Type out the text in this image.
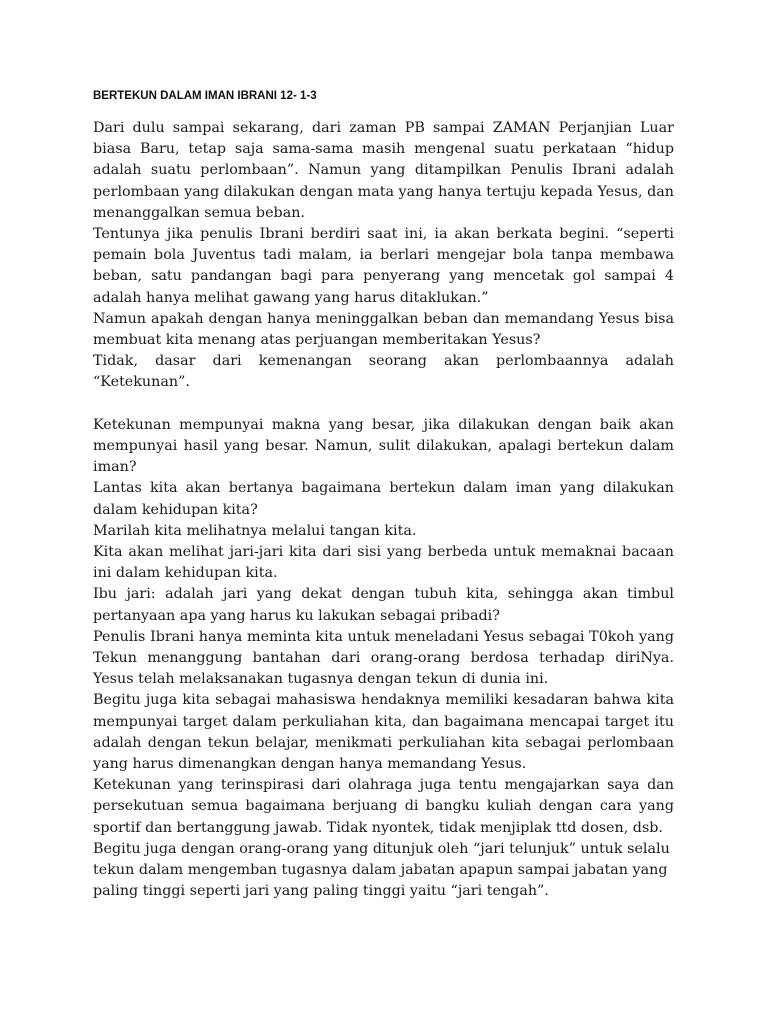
BERTEKUN DALAM IMAN IBRANI 12- 1-3

Dari dulu sampai sekarang, dari zaman PB sampai ZAMAN Perjanjian Luar biasa Baru, tetap saja sama-sama masih mengenal suatu perkataan “hidup adalah suatu perlombaan”. Namun yang ditampilkan Penulis Ibrani adalah perlombaan yang dilakukan dengan mata yang hanya tertuju kepada Yesus, dan menanggalkan semua beban.

Tentunya jika penulis Ibrani berdiri saat ini, ia akan berkata begini. “seperti pemain bola Juventus tadi malam, ia berlari mengejar bola tanpa membawa beban, satu pandangan bagi para penyerang yang mencetak gol sampai 4 adalah hanya melihat gawang yang harus ditaklukan.”

Namun apakah dengan hanya meninggalkan beban dan memandang Yesus bisa membuat kita menang atas perjuangan memberitakan Yesus?

Tidak, dasar dari kemenangan seorang akan perlombaannya adalah “Ketekunan”.

Ketekunan mempunyai makna yang besar, jika dilakukan dengan baik akan mempunyai hasil yang besar. Namun, sulit dilakukan, apalagi bertekun dalam iman?

Lantas kita akan bertanya bagaimana bertekun dalam iman yang dilakukan dalam kehidupan kita?

Marilah kita melihatnya melalui tangan kita.

Kita akan melihat jari-jari kita dari sisi yang berbeda untuk memaknai bacaan ini dalam kehidupan kita.

Ibu jari: adalah jari yang dekat dengan tubuh kita, sehingga akan timbul pertanyaan apa yang harus ku lakukan sebagai pribadi?

Penulis Ibrani hanya meminta kita untuk meneladani Yesus sebagai T0koh yang Tekun menanggung bantahan dari orang-orang berdosa terhadap diriNya. Yesus telah melaksanakan tugasnya dengan tekun di dunia ini.

Begitu juga kita sebagai mahasiswa hendaknya memiliki kesadaran bahwa kita mempunyai target dalam perkuliahan kita, dan bagaimana mencapai target itu adalah dengan tekun belajar, menikmati perkuliahan kita sebagai perlombaan yang harus dimenangkan dengan hanya memandang Yesus.

Ketekunan yang terinspirasi dari olahraga juga tentu mengajarkan saya dan persekutuan semua bagaimana berjuang di bangku kuliah dengan cara yang sportif dan bertanggung jawab. Tidak nyontek, tidak menjiplak ttd dosen, dsb.

Begitu juga dengan orang-orang yang ditunjuk oleh “jari telunjuk” untuk selalu tekun dalam mengemban tugasnya dalam jabatan apapun sampai jabatan yang paling tinggi seperti jari yang paling tinggi yaitu “jari tengah”.
